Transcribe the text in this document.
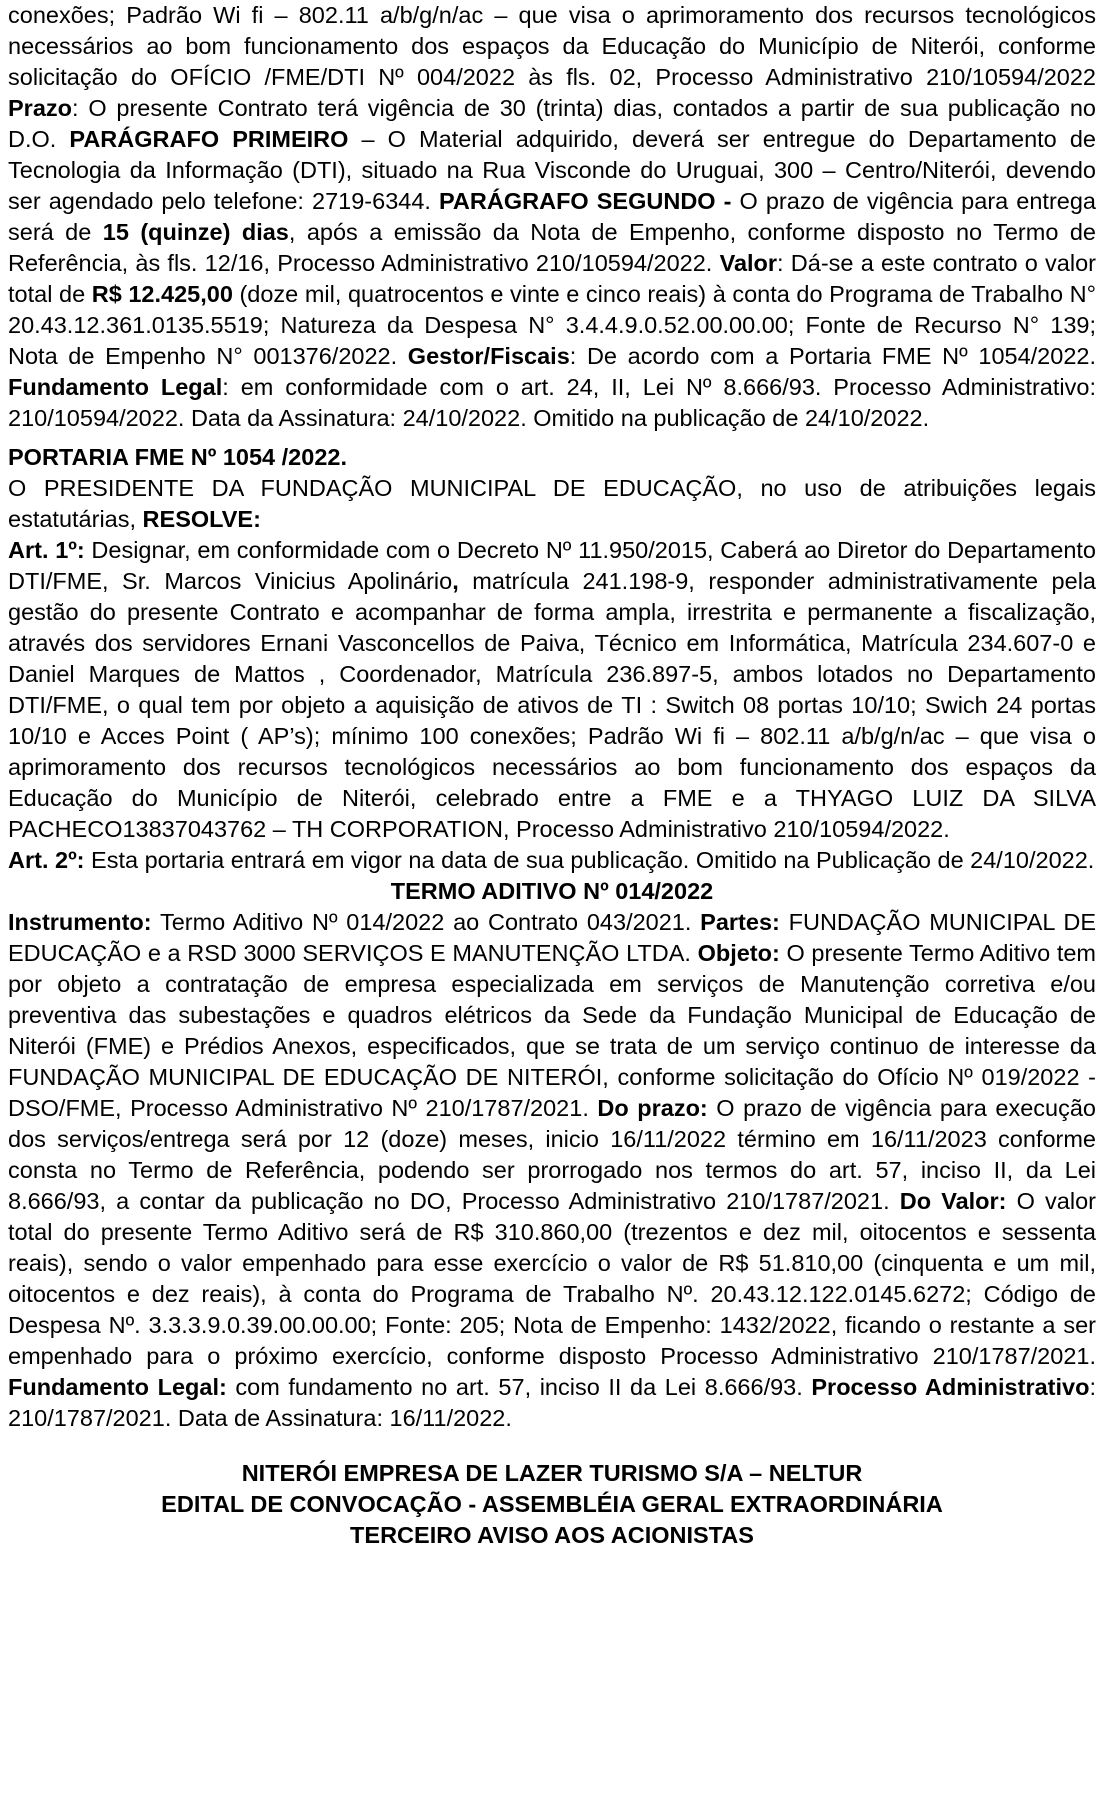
conexões; Padrão Wi fi – 802.11 a/b/g/n/ac – que visa o aprimoramento dos recursos tecnológicos necessários ao bom funcionamento dos espaços da Educação do Município de Niterói, conforme solicitação do OFÍCIO /FME/DTI Nº 004/2022 às fls. 02, Processo Administrativo 210/10594/2022 Prazo: O presente Contrato terá vigência de 30 (trinta) dias, contados a partir de sua publicação no D.O. PARÁGRAFO PRIMEIRO – O Material adquirido, deverá ser entregue do Departamento de Tecnologia da Informação (DTI), situado na Rua Visconde do Uruguai, 300 – Centro/Niterói, devendo ser agendado pelo telefone: 2719-6344. PARÁGRAFO SEGUNDO - O prazo de vigência para entrega será de 15 (quinze) dias, após a emissão da Nota de Empenho, conforme disposto no Termo de Referência, às fls. 12/16, Processo Administrativo 210/10594/2022. Valor: Dá-se a este contrato o valor total de R$ 12.425,00 (doze mil, quatrocentos e vinte e cinco reais) à conta do Programa de Trabalho N° 20.43.12.361.0135.5519; Natureza da Despesa N° 3.4.4.9.0.52.00.00.00; Fonte de Recurso N° 139; Nota de Empenho N° 001376/2022. Gestor/Fiscais: De acordo com a Portaria FME Nº 1054/2022. Fundamento Legal: em conformidade com o art. 24, II, Lei Nº 8.666/93. Processo Administrativo: 210/10594/2022. Data da Assinatura: 24/10/2022. Omitido na publicação de 24/10/2022.

PORTARIA FME Nº 1054 /2022.

O PRESIDENTE DA FUNDAÇÃO MUNICIPAL DE EDUCAÇÃO, no uso de atribuições legais estatutárias, RESOLVE:

Art. 1º: Designar, em conformidade com o Decreto Nº 11.950/2015, Caberá ao Diretor do Departamento DTI/FME, Sr. Marcos Vinicius Apolinário, matrícula 241.198-9, responder administrativamente pela gestão do presente Contrato e acompanhar de forma ampla, irrestrita e permanente a fiscalização, através dos servidores Ernani Vasconcellos de Paiva, Técnico em Informática, Matrícula 234.607-0 e Daniel Marques de Mattos , Coordenador, Matrícula 236.897-5, ambos lotados no Departamento DTI/FME, o qual tem por objeto a aquisição de ativos de TI : Switch 08 portas 10/10; Swich 24 portas 10/10 e Acces Point ( AP’s); mínimo 100 conexões; Padrão Wi fi – 802.11 a/b/g/n/ac – que visa o aprimoramento dos recursos tecnológicos necessários ao bom funcionamento dos espaços da Educação do Município de Niterói, celebrado entre a FME e a THYAGO LUIZ DA SILVA PACHECO13837043762 – TH CORPORATION, Processo Administrativo 210/10594/2022.

Art. 2º: Esta portaria entrará em vigor na data de sua publicação. Omitido na Publicação de 24/10/2022.

TERMO ADITIVO Nº 014/2022

Instrumento: Termo Aditivo Nº 014/2022 ao Contrato 043/2021. Partes: FUNDAÇÃO MUNICIPAL DE EDUCAÇÃO e a RSD 3000 SERVIÇOS E MANUTENÇÃO LTDA. Objeto: O presente Termo Aditivo tem por objeto a contratação de empresa especializada em serviços de Manutenção corretiva e/ou preventiva das subestações e quadros elétricos da Sede da Fundação Municipal de Educação de Niterói (FME) e Prédios Anexos, especificados, que se trata de um serviço continuo de interesse da FUNDAÇÃO MUNICIPAL DE EDUCAÇÃO DE NITERÓI, conforme solicitação do Ofício Nº 019/2022 - DSO/FME, Processo Administrativo Nº 210/1787/2021. Do prazo: O prazo de vigência para execução dos serviços/entrega será por 12 (doze) meses, inicio 16/11/2022 término em 16/11/2023 conforme consta no Termo de Referência, podendo ser prorrogado nos termos do art. 57, inciso II, da Lei 8.666/93, a contar da publicação no DO, Processo Administrativo 210/1787/2021. Do Valor: O valor total do presente Termo Aditivo será de R$ 310.860,00 (trezentos e dez mil, oitocentos e sessenta reais), sendo o valor empenhado para esse exercício o valor de R$ 51.810,00 (cinquenta e um mil, oitocentos e dez reais), à conta do Programa de Trabalho Nº. 20.43.12.122.0145.6272; Código de Despesa Nº. 3.3.3.9.0.39.00.00.00; Fonte: 205; Nota de Empenho: 1432/2022, ficando o restante a ser empenhado para o próximo exercício, conforme disposto Processo Administrativo 210/1787/2021. Fundamento Legal: com fundamento no art. 57, inciso II da Lei 8.666/93. Processo Administrativo: 210/1787/2021. Data de Assinatura: 16/11/2022.

NITERÓI EMPRESA DE LAZER TURISMO S/A – NELTUR

EDITAL DE CONVOCAÇÃO - ASSEMBLÉIA GERAL EXTRAORDINÁRIA

TERCEIRO AVISO AOS ACIONISTAS
